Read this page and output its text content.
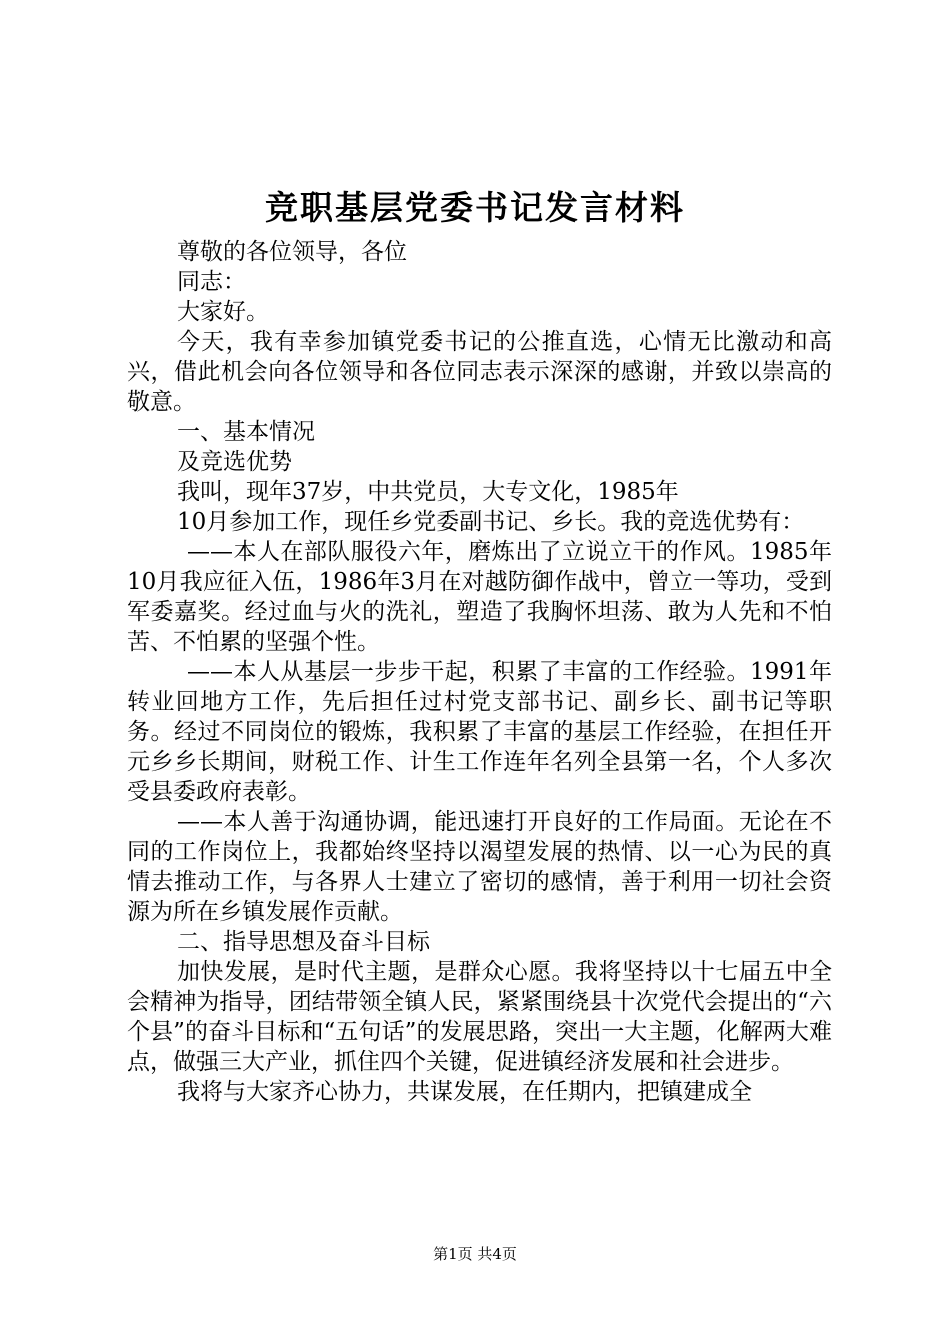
竞职基层党委书记发言材料

尊敬的各位领导，各位

同志：

大家好。

今天，我有幸参加镇党委书记的公推直选，心情无比激动和高兴，借此机会向各位领导和各位同志表示深深的感谢，并致以崇高的敬意。

一、基本情况

及竞选优势

我叫，现年37岁，中共党员，大专文化，1985年

10月参加工作，现任乡党委副书记、乡长。我的竞选优势有：

——本人在部队服役六年，磨炼出了立说立干的作风。1985年10月我应征入伍，1986年3月在对越防御作战中，曾立一等功，受到军委嘉奖。经过血与火的洗礼，塑造了我胸怀坦荡、敢为人先和不怕苦、不怕累的坚强个性。

——本人从基层一步步干起，积累了丰富的工作经验。1991年转业回地方工作，先后担任过村党支部书记、副乡长、副书记等职务。经过不同岗位的锻炼，我积累了丰富的基层工作经验，在担任开元乡乡长期间，财税工作、计生工作连年名列全县第一名，个人多次受县委政府表彰。

——本人善于沟通协调，能迅速打开良好的工作局面。无论在不同的工作岗位上，我都始终坚持以渴望发展的热情、以一心为民的真情去推动工作，与各界人士建立了密切的感情，善于利用一切社会资源为所在乡镇发展作贡献。

二、指导思想及奋斗目标

加快发展，是时代主题，是群众心愿。我将坚持以十七届五中全会精神为指导，团结带领全镇人民，紧紧围绕县十次党代会提出的“六个县”的奋斗目标和“五句话”的发展思路，突出一大主题，化解两大难点，做强三大产业，抓住四个关键，促进镇经济发展和社会进步。

我将与大家齐心协力，共谋发展，在任期内，把镇建成全

第1页 共4页
